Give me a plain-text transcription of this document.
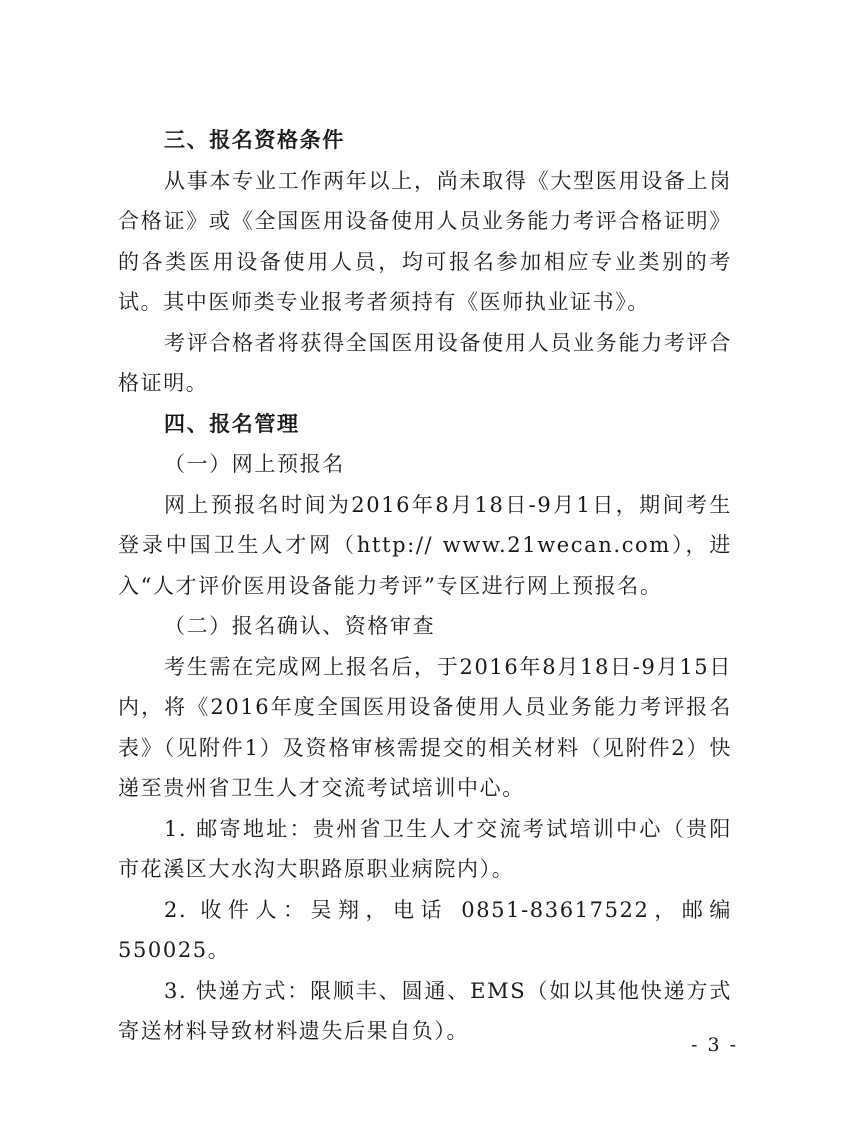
三、报名资格条件

从事本专业工作两年以上，尚未取得《大型医用设备上岗合格证》或《全国医用设备使用人员业务能力考评合格证明》的各类医用设备使用人员，均可报名参加相应专业类别的考试。其中医师类专业报考者须持有《医师执业证书》。

考评合格者将获得全国医用设备使用人员业务能力考评合格证明。

四、报名管理

（一）网上预报名

网上预报名时间为2016年8月18日-9月1日，期间考生登录中国卫生人才网（http:// www.21wecan.com），进入“人才评价医用设备能力考评”专区进行网上预报名。

（二）报名确认、资格审查

考生需在完成网上报名后，于2016年8月18日-9月15日内，将《2016年度全国医用设备使用人员业务能力考评报名表》（见附件1）及资格审核需提交的相关材料（见附件2）快递至贵州省卫生人才交流考试培训中心。

1. 邮寄地址：贵州省卫生人才交流考试培训中心（贵阳市花溪区大水沟大职路原职业病院内）。

2. 收件人：吴翔，电话 0851-83617522，邮编 550025。

3. 快递方式：限顺丰、圆通、EMS（如以其他快递方式寄送材料导致材料遗失后果自负）。

- 3 -
